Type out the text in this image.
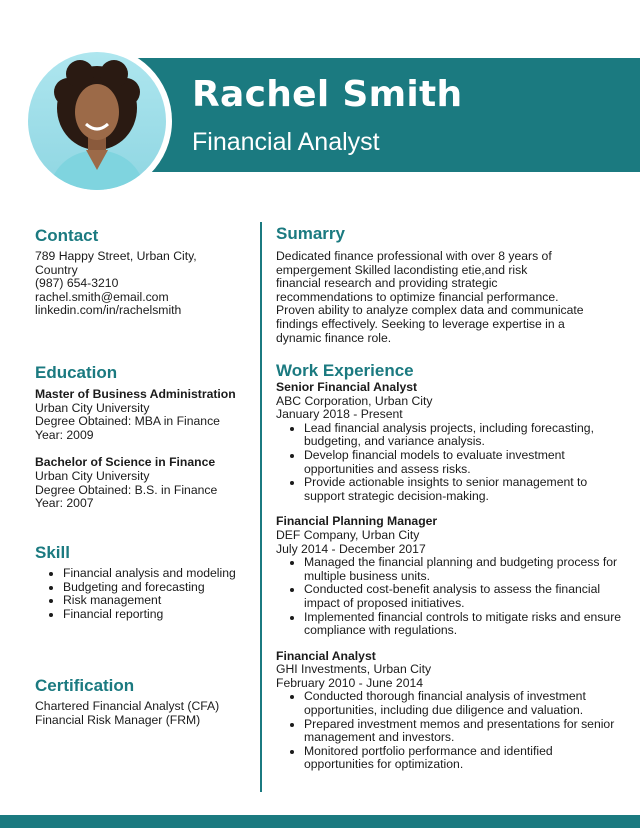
Rachel Smith
Financial Analyst
Contact
789 Happy Street, Urban City,
Country
(987) 654-3210
rachel.smith@email.com
linkedin.com/in/rachelsmith
Education
Master of Business Administration
Urban City University
Degree Obtained: MBA in Finance
Year: 2009
Bachelor of Science in Finance
Urban City University
Degree Obtained: B.S. in Finance
Year: 2007
Skill
• Financial analysis and modeling
• Budgeting and forecasting
• Risk management
• Financial reporting
Certification
Chartered Financial Analyst (CFA)
Financial Risk Manager (FRM)
Sumarry
Dedicated finance professional with over 8 years of
empergement Skilled lacondisting etie,and risk
financial research and providing strategic
recommendations to optimize financial performance.
Proven ability to analyze complex data and communicate
findings effectively. Seeking to leverage expertise in a
dynamic finance role.
Work Experience
Senior Financial Analyst
ABC Corporation, Urban City
January 2018 - Present
• Lead financial analysis projects, including forecasting, budgeting, and variance analysis.
• Develop financial models to evaluate investment opportunities and assess risks.
• Provide actionable insights to senior management to support strategic decision-making.
Financial Planning Manager
DEF Company, Urban City
July 2014 - December 2017
• Managed the financial planning and budgeting process for multiple business units.
• Conducted cost-benefit analysis to assess the financial impact of proposed initiatives.
• Implemented financial controls to mitigate risks and ensure compliance with regulations.
Financial Analyst
GHI Investments, Urban City
February 2010 - June 2014
• Conducted thorough financial analysis of investment opportunities, including due diligence and valuation.
• Prepared investment memos and presentations for senior management and investors.
• Monitored portfolio performance and identified opportunities for optimization.
